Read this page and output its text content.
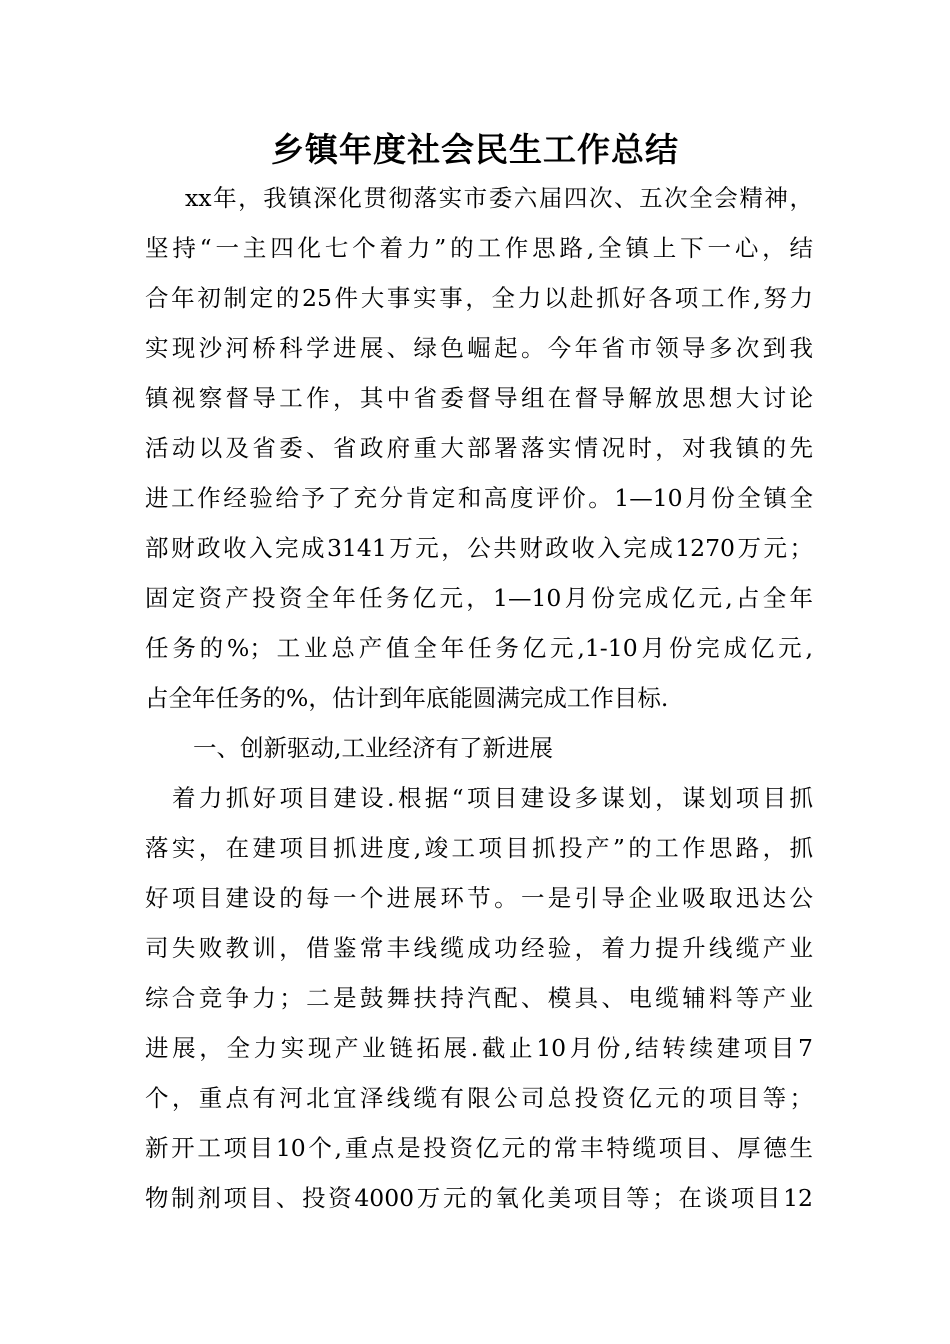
乡镇年度社会民生工作总结
xx年，我镇深化贯彻落实市委六届四次、五次全会精神，
坚持“一主四化七个着力”的工作思路,全镇上下一心，结
合年初制定的25件大事实事，全力以赴抓好各项工作,努力
实现沙河桥科学进展、绿色崛起。今年省市领导多次到我
镇视察督导工作，其中省委督导组在督导解放思想大讨论
活动以及省委、省政府重大部署落实情况时，对我镇的先
进工作经验给予了充分肯定和高度评价。1—10月份全镇全
部财政收入完成3141万元，公共财政收入完成1270万元；
固定资产投资全年任务亿元，1—10月份完成亿元,占全年
任务的%；工业总产值全年任务亿元,1-10月份完成亿元,
占全年任务的%，估计到年底能圆满完成工作目标.
一、创新驱动,工业经济有了新进展
着力抓好项目建设.根据“项目建设多谋划，谋划项目抓
落实，在建项目抓进度,竣工项目抓投产”的工作思路，抓
好项目建设的每一个进展环节。一是引导企业吸取迅达公
司失败教训，借鉴常丰线缆成功经验，着力提升线缆产业
综合竞争力；二是鼓舞扶持汽配、模具、电缆辅料等产业
进展，全力实现产业链拓展.截止10月份,结转续建项目7
个，重点有河北宜泽线缆有限公司总投资亿元的项目等；
新开工项目10个,重点是投资亿元的常丰特缆项目、厚德生
物制剂项目、投资4000万元的氧化美项目等；在谈项目12
